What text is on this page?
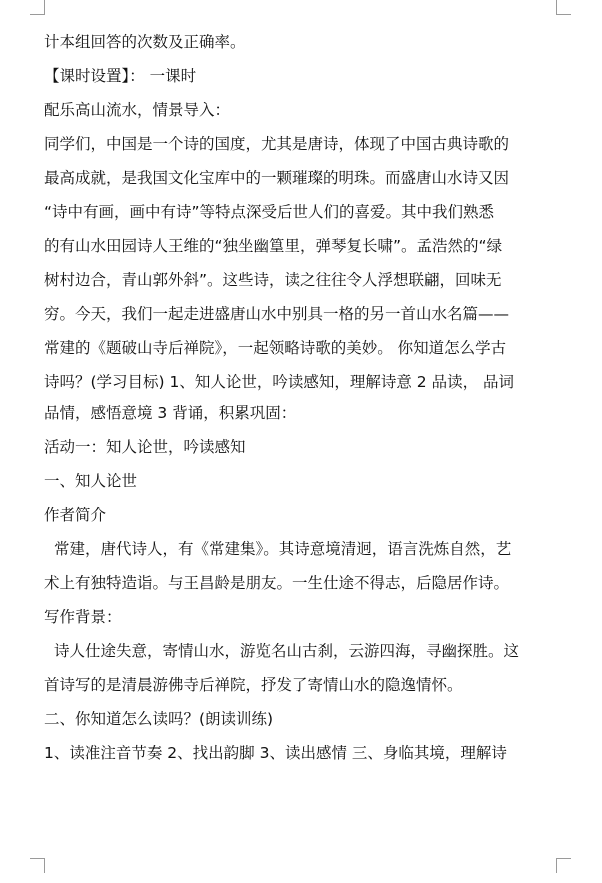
计本组回答的次数及正确率。
【课时设置】： 一课时
配乐高山流水，情景导入：
同学们，中国是一个诗的国度，尤其是唐诗，体现了中国古典诗歌的
最高成就，是我国文化宝库中的一颗璀璨的明珠。而盛唐山水诗又因
“诗中有画，画中有诗”等特点深受后世人们的喜爱。其中我们熟悉
的有山水田园诗人王维的“独坐幽篁里，弹琴复长啸”。孟浩然的“绿
树村边合，青山郭外斜”。这些诗，读之往往令人浮想联翩，回味无
穷。今天，我们一起走进盛唐山水中别具一格的另一首山水名篇——
常建的《题破山寺后禅院》，一起领略诗歌的美妙。 你知道怎么学古
诗吗？(学习目标) 1、知人论世，吟读感知，理解诗意 2 品读， 品词
品情，感悟意境 3 背诵，积累巩固：
活动一：知人论世，吟读感知
一、知人论世
作者简介
常建，唐代诗人，有《常建集》。其诗意境清迥，语言洗炼自然，艺
术上有独特造诣。与王昌龄是朋友。一生仕途不得志，后隐居作诗。
写作背景：
诗人仕途失意，寄情山水，游览名山古刹，云游四海，寻幽探胜。这
首诗写的是清晨游佛寺后禅院，抒发了寄情山水的隐逸情怀。
二、你知道怎么读吗？(朗读训练)
1、读准注音节奏 2、找出韵脚 3、读出感情 三、身临其境，理解诗
